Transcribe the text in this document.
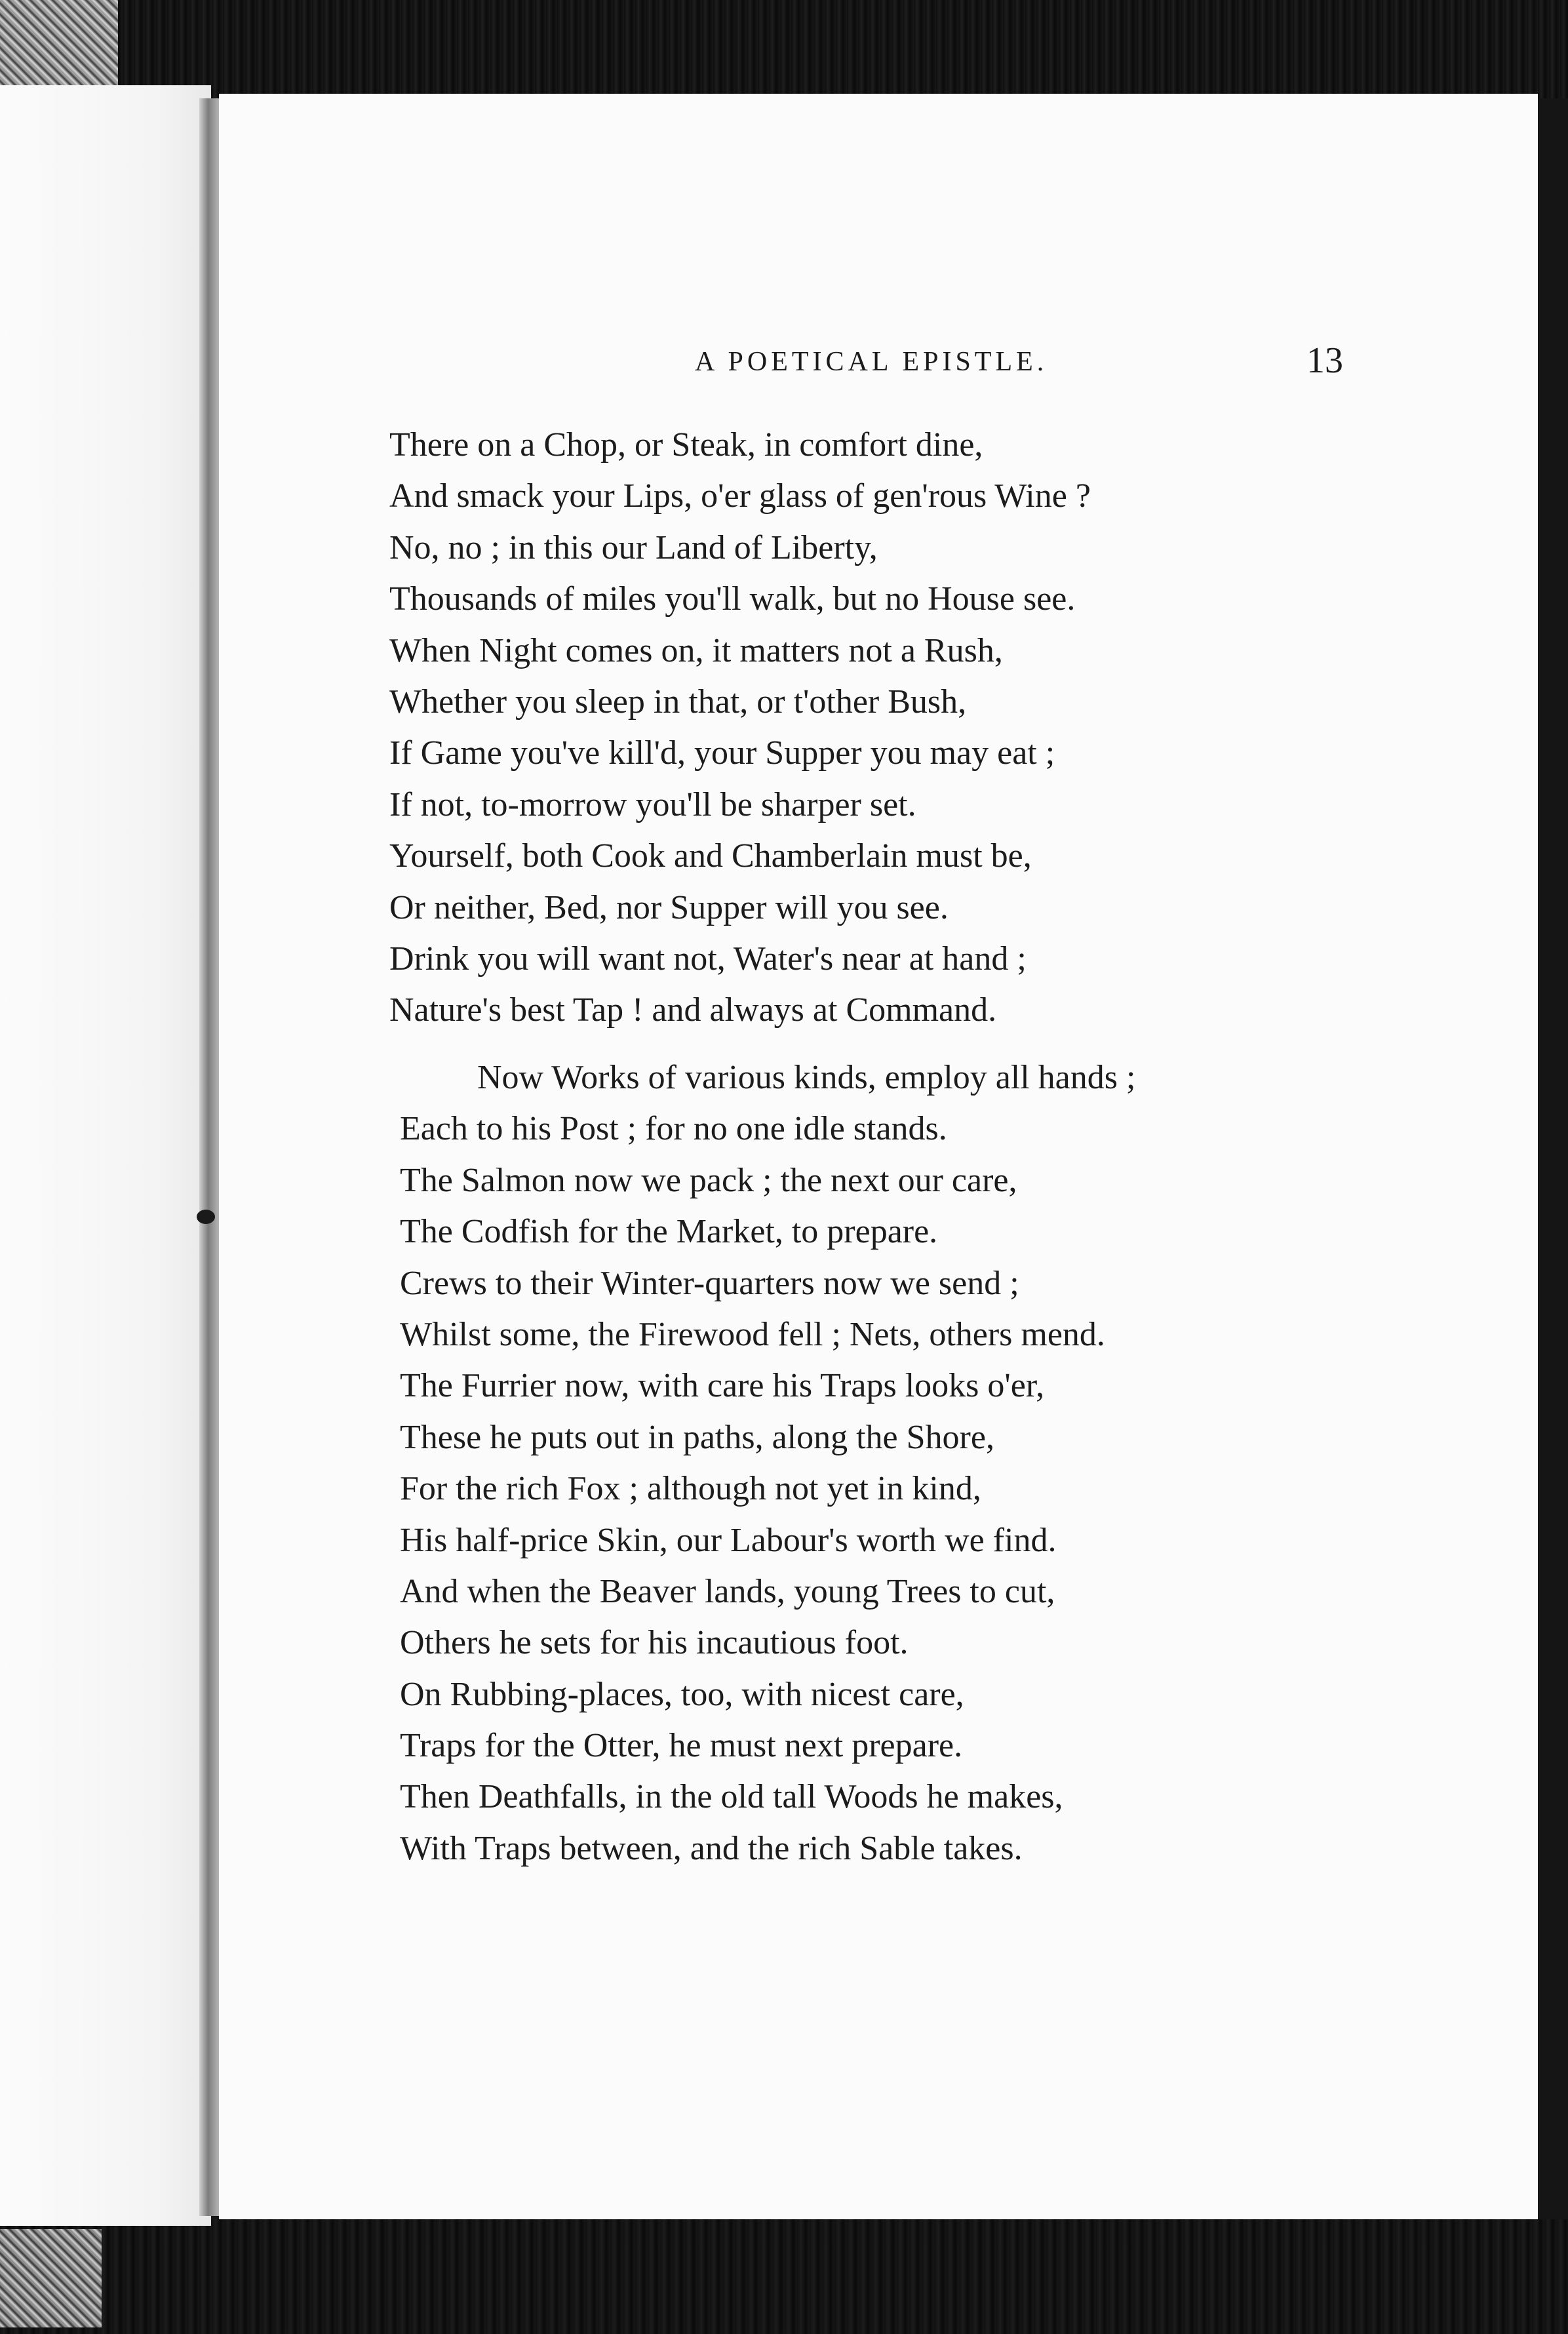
A POETICAL EPISTLE.	13
There on a Chop, or Steak, in comfort dine,
And smack your Lips, o'er glass of gen'rous Wine ?
No, no ; in this our Land of Liberty,
Thousands of miles you'll walk, but no House see.
When Night comes on, it matters not a Rush,
Whether you sleep in that, or t'other Bush,
If Game you've kill'd, your Supper you may eat ;
If not, to-morrow you'll be sharper set.
Yourself, both Cook and Chamberlain must be,
Or neither, Bed, nor Supper will you see.
Drink you will want not, Water's near at hand ;
Nature's best Tap ! and always at Command.
Now Works of various kinds, employ all hands ;
Each to his Post ; for no one idle stands.
The Salmon now we pack ; the next our care,
The Codfish for the Market, to prepare.
Crews to their Winter-quarters now we send ;
Whilst some, the Firewood fell ; Nets, others mend.
The Furrier now, with care his Traps looks o'er,
These he puts out in paths, along the Shore,
For the rich Fox ; although not yet in kind,
His half-price Skin, our Labour's worth we find.
And when the Beaver lands, young Trees to cut,
Others he sets for his incautious foot.
On Rubbing-places, too, with nicest care,
Traps for the Otter, he must next prepare.
Then Deathfalls, in the old tall Woods he makes,
With Traps between, and the rich Sable takes.
